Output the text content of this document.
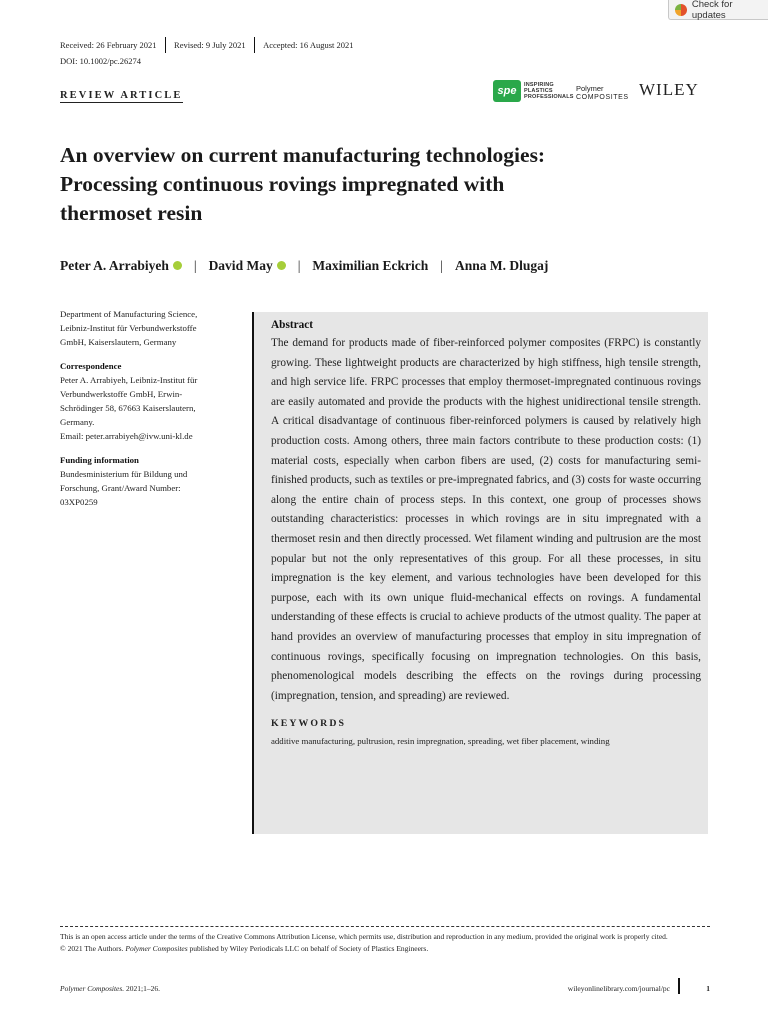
Check for updates
Received: 26 February 2021 Revised: 9 July 2021 Accepted: 16 August 2021
DOI: 10.1002/pc.26274
REVIEW ARTICLE	spe	INSPIRING
PLASTICS
PROFESSIONALS
Polymer
COMPOSITES WILEY
An overview on current manufacturing technologies:
Processing continuous rovings impregnated with
thermoset resin
Peter A. Arrabiyeh | David May | Maximilian Eckrich | Anna M. Dlugaj
Department of Manufacturing Science,
Leibniz-Institut für Verbundwerkstoffe
GmbH, Kaiserslautern, Germany
Correspondence
Peter A. Arrabiyeh, Leibniz-Institut für
Verbundwerkstoffe GmbH, Erwin-
Schrödinger 58, 67663 Kaiserslautern,
Germany.
Email: peter.arrabiyeh@ivw.uni-kl.de
Funding information
Bundesministerium für Bildung und
Forschung, Grant/Award Number:
03XP0259
Abstract
The demand for products made of fiber-reinforced polymer composites (FRPC) is constantly growing. These lightweight products are characterized by high stiffness, high tensile strength, and high service life. FRPC processes that employ thermoset-impregnated continuous rovings are easily automated and provide the products with the highest unidirectional tensile strength. A critical disadvantage of continuous fiber-reinforced polymers is caused by relatively high production costs. Among others, three main factors contribute to these production costs: (1) material costs, especially when carbon fibers are used, (2) costs for manufacturing semi-finished products, such as textiles or pre-impregnated fabrics, and (3) costs for waste occurring along the entire chain of process steps. In this context, one group of processes shows outstanding characteristics: processes in which rovings are in situ impregnated with a thermoset resin and then directly processed. Wet filament winding and pultrusion are the most popular but not the only representatives of this group. For all these processes, in situ impregnation is the key element, and various technologies have been developed for this purpose, each with its own unique fluid-mechanical effects on rovings. A fundamental understanding of these effects is crucial to achieve products of the utmost quality. The paper at hand provides an overview of manufacturing processes that employ in situ impregnation of continuous rovings, specifically focusing on impregnation technologies. On this basis, phenomenological models describing the effects on the rovings during processing (impregnation, tension, and spreading) are reviewed.
KEYWORDS
additive manufacturing, pultrusion, resin impregnation, spreading, wet fiber placement, winding
This is an open access article under the terms of the Creative Commons Attribution License, which permits use, distribution and reproduction in any medium, provided the original work is properly cited.
© 2021 The Authors. Polymer Composites published by Wiley Periodicals LLC on behalf of Society of Plastics Engineers.
Polymer Composites. 2021;1–26.	wileyonlinelibrary.com/journal/pc	1
